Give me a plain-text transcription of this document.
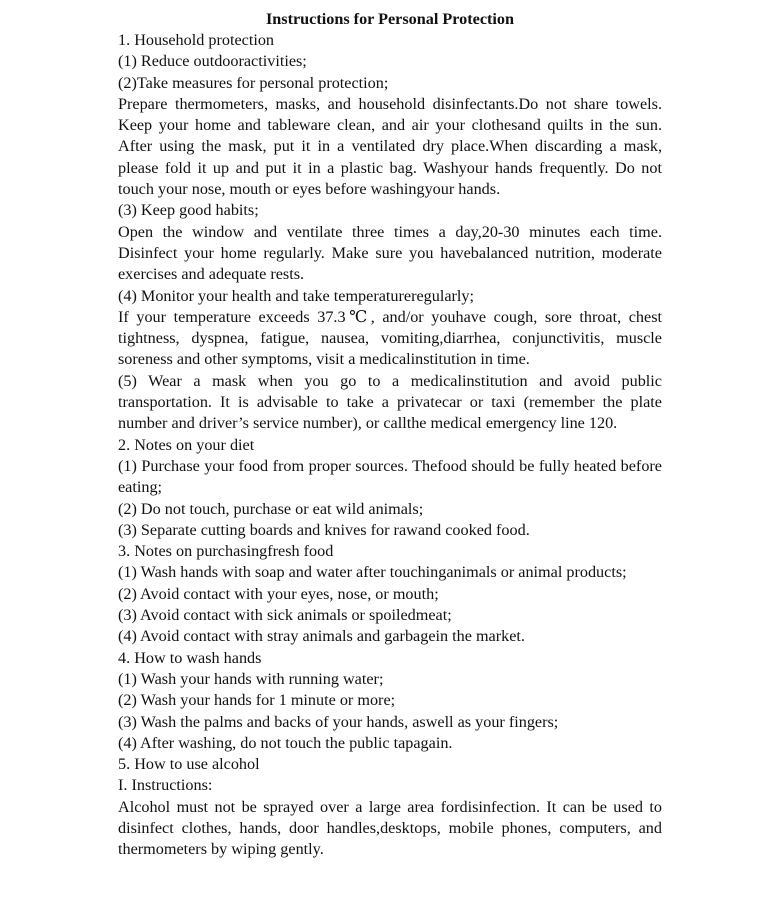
Instructions for Personal Protection

1. Household protection

(1) Reduce outdooractivities;

(2)Take measures for personal protection;

Prepare thermometers, masks, and household disinfectants.Do not share towels. Keep your home and tableware clean, and air your clothesand quilts in the sun. After using the mask, put it in a ventilated dry place.When discarding a mask, please fold it up and put it in a plastic bag. Washyour hands frequently. Do not touch your nose, mouth or eyes before washingyour hands.

(3) Keep good habits;

Open the window and ventilate three times a day,20-30 minutes each time. Disinfect your home regularly. Make sure you havebalanced nutrition, moderate exercises and adequate rests.

(4) Monitor your health and take temperatureregularly;

If your temperature exceeds 37.3℃, and/or youhave cough, sore throat, chest tightness, dyspnea, fatigue, nausea, vomiting,diarrhea, conjunctivitis, muscle soreness and other symptoms, visit a medicalinstitution in time.

(5) Wear a mask when you go to a medicalinstitution and avoid public transportation. It is advisable to take a privatecar or taxi (remember the plate number and driver’s service number), or callthe medical emergency line 120.

2. Notes on your diet

(1) Purchase your food from proper sources. Thefood should be fully heated before eating;

(2) Do not touch, purchase or eat wild animals;

(3) Separate cutting boards and knives for rawand cooked food.

3. Notes on purchasingfresh food

(1) Wash hands with soap and water after touchinganimals or animal products;

(2) Avoid contact with your eyes, nose, or mouth;

(3) Avoid contact with sick animals or spoiledmeat;

(4) Avoid contact with stray animals and garbagein the market.

4. How to wash hands

(1) Wash your hands with running water;

(2) Wash your hands for 1 minute or more;

(3) Wash the palms and backs of your hands, aswell as your fingers;

(4) After washing, do not touch the public tapagain.

5. How to use alcohol

I. Instructions:

Alcohol must not be sprayed over a large area fordisinfection. It can be used to disinfect clothes, hands, door handles,desktops, mobile phones, computers, and thermometers by wiping gently.
